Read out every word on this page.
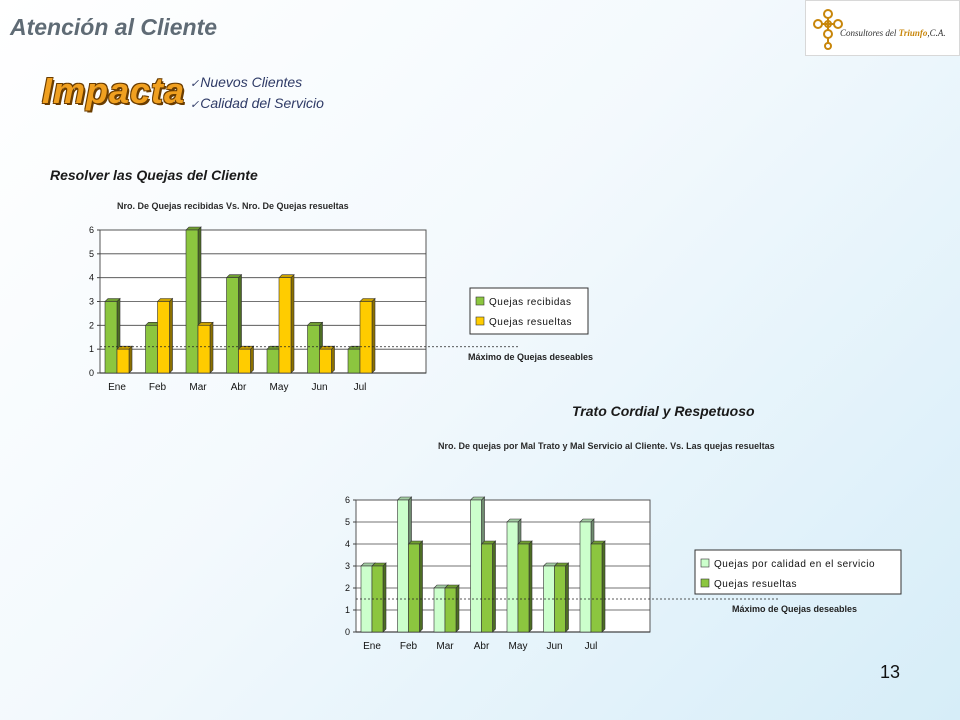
Atención al Cliente	Consultores del Triunfo,C.A.
Impacta
✓	Nuevos Clientes
✓ Calidad del Servicio
Resolver las Quejas del Cliente
Trato Cordial y Respetuoso
Nro. De Quejas recibidas Vs. Nro. De Quejas resueltas
Nro. De quejas por Mal Trato y Mal Servicio al Cliente. Vs. Las quejas resueltas
0
1
2
3
4
5
6
Ene Feb Mar Abr May Jun	Jul
Máximo de Quejas deseables
Quejas recibidas
Quejas resueltas
0
1
2
3
4
5
6
Ene Feb Mar Abr May Jun Jul
Máximo de Quejas deseables
Quejas por calidad en el servicio
Quejas resueltas
13
